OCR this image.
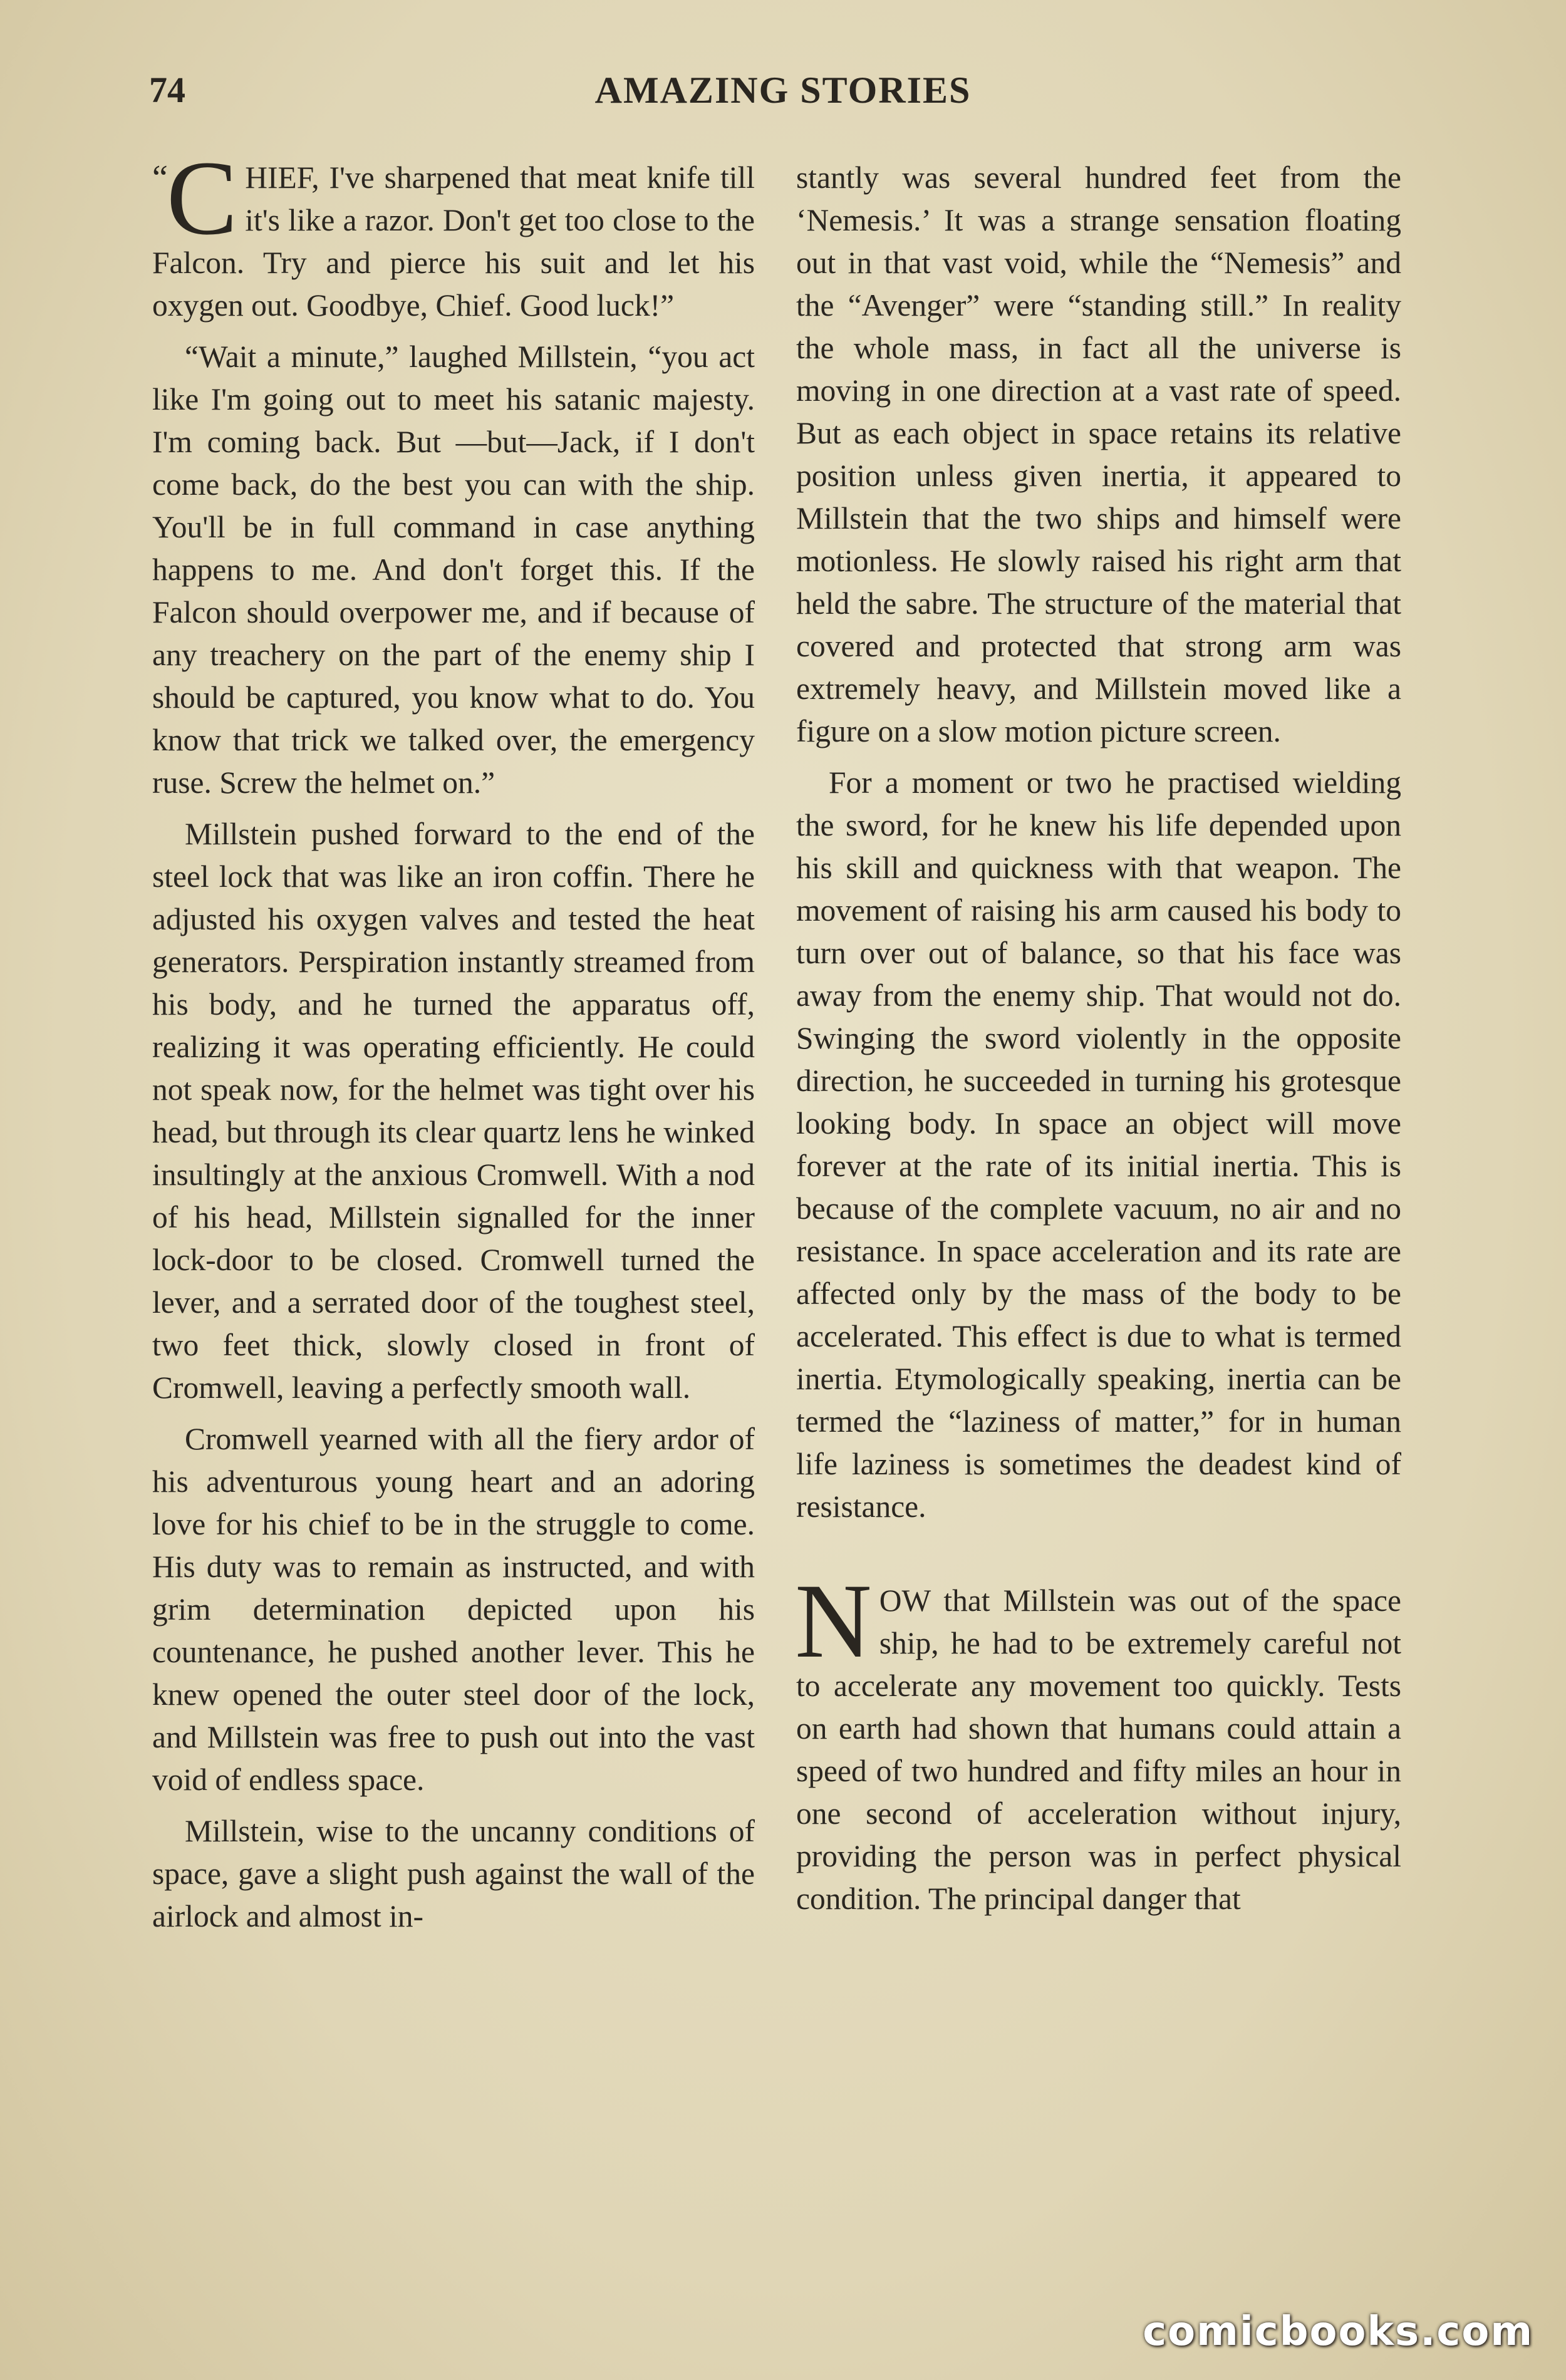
74	AMAZING STORIES

“
C HIEF, I've sharpened that meat knife till it's like a razor. Don't get too close to the Falcon. Try and pierce his suit and let his oxygen out. Goodbye, Chief. Good luck!”

“Wait a minute,” laughed Millstein, “you act like I'm going out to meet his satanic majesty. I'm coming back. But —but—Jack, if I don't come back, do the best you can with the ship. You'll be in full command in case anything happens to me. And don't forget this. If the Falcon should overpower me, and if because of any treachery on the part of the enemy ship I should be captured, you know what to do. You know that trick we talked over, the emergency ruse. Screw the helmet on.”

Millstein pushed forward to the end of the steel lock that was like an iron coffin. There he adjusted his oxygen valves and tested the heat generators. Perspiration instantly streamed from his body, and he turned the apparatus off, realizing it was operating efficiently. He could not speak now, for the helmet was tight over his head, but through its clear quartz lens he winked insultingly at the anxious Cromwell. With a nod of his head, Millstein signalled for the inner lock-door to be closed. Cromwell turned the lever, and a serrated door of the toughest steel, two feet thick, slowly closed in front of Cromwell, leaving a perfectly smooth wall.

Cromwell yearned with all the fiery ardor of his adventurous young heart and an adoring love for his chief to be in the struggle to come. His duty was to remain as instructed, and with grim determination depicted upon his countenance, he pushed another lever. This he knew opened the outer steel door of the lock, and Millstein was free to push out into the vast void of endless space.

Millstein, wise to the uncanny conditions of space, gave a slight push against the wall of the airlock and almost in-

stantly was several hundred feet from the ‘Nemesis.’ It was a strange sensation floating out in that vast void, while the “Nemesis” and the “Avenger” were “standing still.” In reality the whole mass, in fact all the universe is moving in one direction at a vast rate of speed. But as each object in space retains its relative position unless given inertia, it appeared to Millstein that the two ships and himself were motionless. He slowly raised his right arm that held the sabre. The structure of the material that covered and protected that strong arm was extremely heavy, and Millstein moved like a figure on a slow motion picture screen.

For a moment or two he practised wielding the sword, for he knew his life depended upon his skill and quickness with that weapon. The movement of raising his arm caused his body to turn over out of balance, so that his face was away from the enemy ship. That would not do. Swinging the sword violently in the opposite direction, he succeeded in turning his grotesque looking body. In space an object will move forever at the rate of its initial inertia. This is because of the complete vacuum, no air and no resistance. In space acceleration and its rate are affected only by the mass of the body to be accelerated. This effect is due to what is termed inertia. Etymologically speaking, inertia can be termed the “laziness of matter,” for in human life laziness is sometimes the deadest kind of resistance.

NOW that Millstein was out of the space ship, he had to be extremely careful not to accelerate any movement too quickly. Tests on earth had shown that humans could attain a speed of two hundred and fifty miles an hour in one second of acceleration without injury, providing the person was in perfect physical condition. The principal danger that

comicbooks.com
